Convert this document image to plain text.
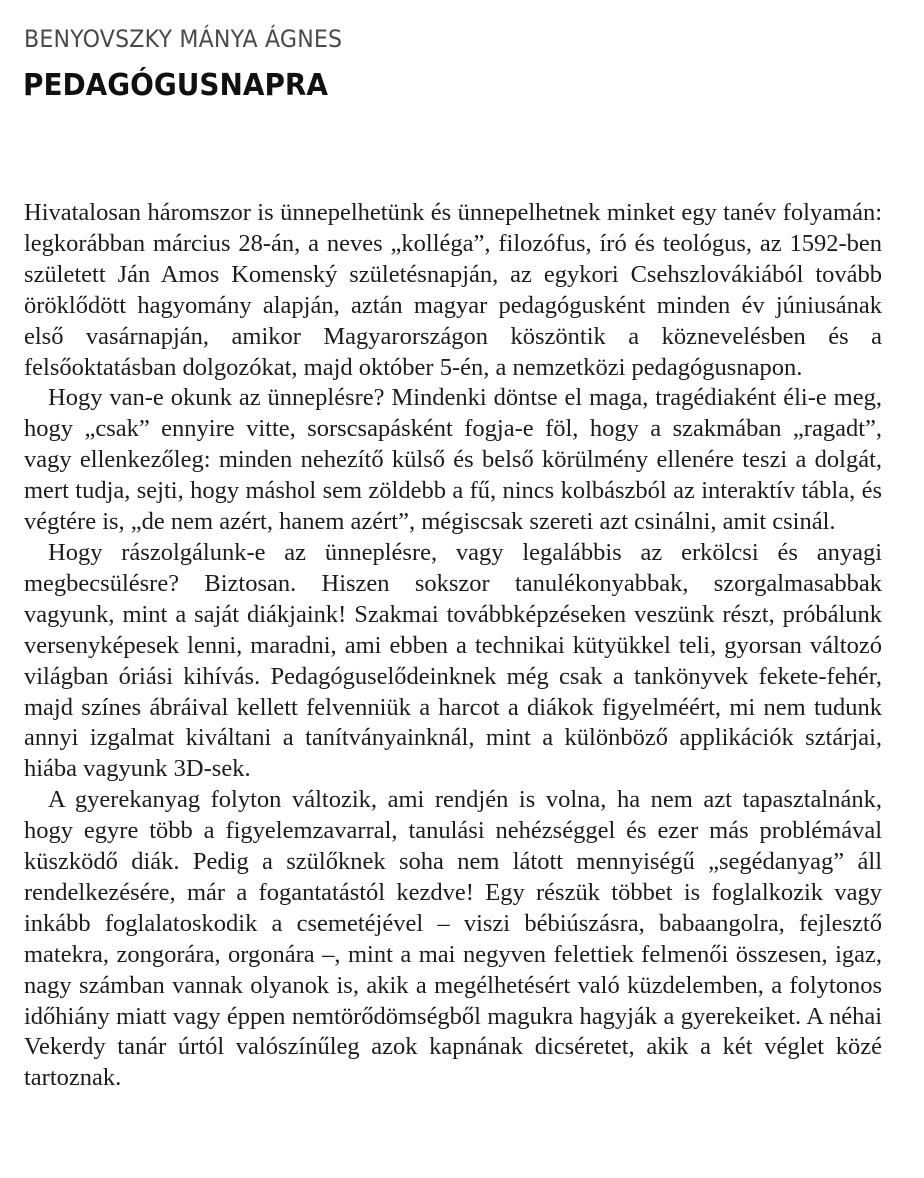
BENYOVSZKY MÁNYA ÁGNES
PEDAGÓGUSNAPRA

Hivatalosan háromszor is ünnepelhetünk és ünnepelhetnek minket egy tanév folyamán: legkorábban március 28-án, a neves „kolléga”, filozófus, író és teológus, az 1592-ben született Ján Amos Komenský születésnapján, az egykori Csehszlovákiából tovább öröklődött hagyomány alapján, aztán magyar pedagógusként minden év júniusának első vasárnapján, amikor Magyarországon köszöntik a köznevelésben és a felsőoktatásban dolgozókat, majd október 5-én, a nemzetközi pedagógusnapon.

Hogy van-e okunk az ünneplésre? Mindenki döntse el maga, tragédiaként éli-e meg, hogy „csak” ennyire vitte, sorscsapásként fogja-e föl, hogy a szakmában „ragadt”, vagy ellenkezőleg: minden nehezítő külső és belső körülmény ellenére teszi a dolgát, mert tudja, sejti, hogy máshol sem zöldebb a fű, nincs kolbászból az interaktív tábla, és végtére is, „de nem azért, hanem azért”, mégiscsak szereti azt csinálni, amit csinál.

Hogy rászolgálunk-e az ünneplésre, vagy legalábbis az erkölcsi és anyagi megbecsülésre? Biztosan. Hiszen sokszor tanulékonyabbak, szorgalmasabbak vagyunk, mint a saját diákjaink! Szakmai továbbképzéseken veszünk részt, próbálunk versenyképesek lenni, maradni, ami ebben a technikai kütyükkel teli, gyorsan változó világban óriási kihívás. Pedagóguselődeinknek még csak a tankönyvek fekete-fehér, majd színes ábráival kellett felvenniük a harcot a diákok figyelméért, mi nem tudunk annyi izgalmat kiváltani a tanítványainknál, mint a különböző applikációk sztárjai, hiába vagyunk 3D-sek.

A gyerekanyag folyton változik, ami rendjén is volna, ha nem azt tapasztalnánk, hogy egyre több a figyelemzavarral, tanulási nehézséggel és ezer más problémával küszködő diák. Pedig a szülőknek soha nem látott mennyiségű „segédanyag” áll rendelkezésére, már a fogantatástól kezdve! Egy részük többet is foglalkozik vagy inkább foglalatoskodik a csemetéjével – viszi bébiúszásra, babaangolra, fejlesztő matekra, zongorára, orgonára –, mint a mai negyven felettiek felmenői összesen, igaz, nagy számban vannak olyanok is, akik a megélhetésért való küzdelemben, a folytonos időhiány miatt vagy éppen nemtörődömségből magukra hagyják a gyerekeiket. A néhai Vekerdy tanár úrtól valószínűleg azok kapnának dicséretet, akik a két véglet közé tartoznak.
